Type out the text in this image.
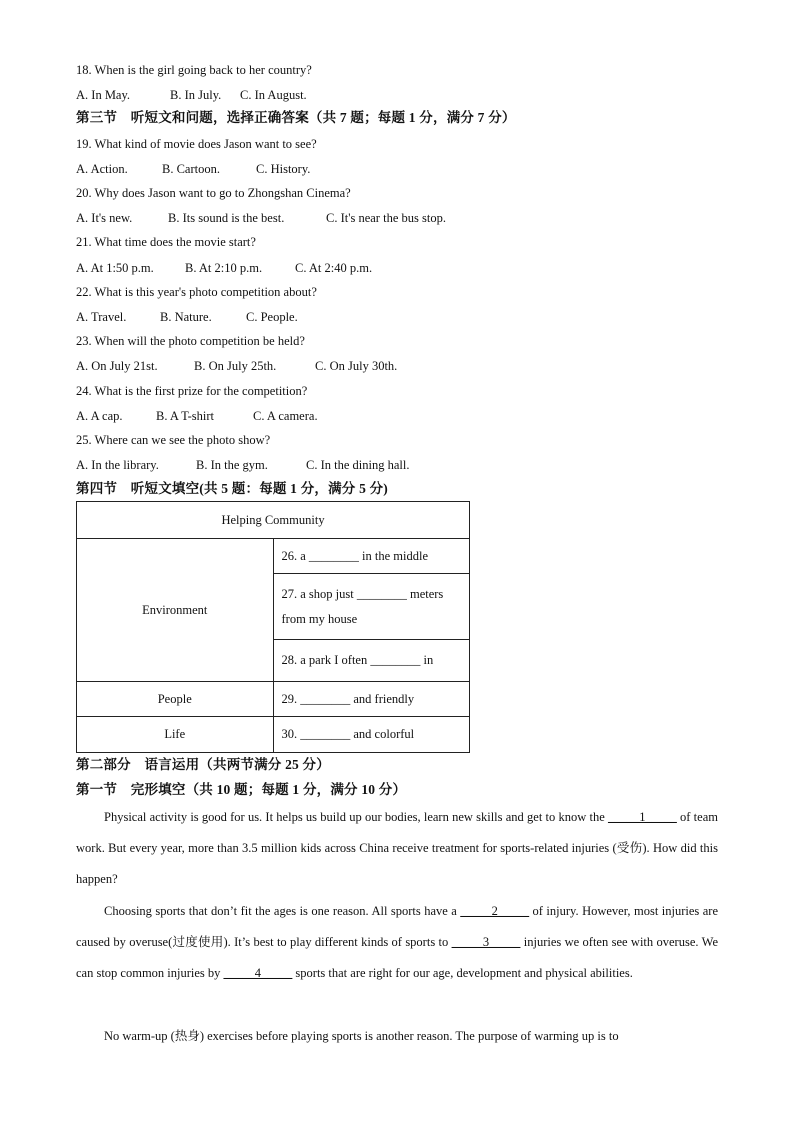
18. When is the girl going back to her country?
A. In May.	B. In July. C. In August.
第三节　听短文和问题，选择正确答案（共 7 题；每题 1 分，满分 7 分）
19. What kind of movie does Jason want to see?
A. Action.	B. Cartoon.	C. History.
20. Why does Jason want to go to Zhongshan Cinema?
A. It's new.	B. Its sound is the best.	C. It's near the bus stop.
21. What time does the movie start?
A. At 1:50 p.m. B. At 2:10 p.m.	C. At 2:40 p.m.
22. What is this year's photo competition about?
A. Travel.	B. Nature.	C. People.
23. When will the photo competition be held?
A. On July 21st.	B. On July 25th.	C. On July 30th.
24. What is the first prize for the competition?
A. A cap.	B. A T-shirt	C. A camera.
25. Where can we see the photo show?
A. In the library.	B. In the gym.	C. In the dining hall.
第四节　听短文填空(共 5 题：每题 1 分，满分 5 分)
Helping Community	
Environment	26. a ________ in the middle
	27. a shop just ________ meters from my house
	28. a park I often ________ in
People	29. ________ and friendly
Life	30. ________ and colorful
第二部分　语言运用（共两节满分 25 分）
第一节　完形填空（共 10 题；每题 1 分，满分 10 分）
Physical activity is good for us. It helps us build up our bodies, learn new skills and get to know the _____1_____ of team work. But every year, more than 3.5 million kids across China receive treatment for sports-related injuries (受伤). How did this happen?
Choosing sports that don’t fit the ages is one reason. All sports have a _____2_____ of injury. However, most injuries are caused by overuse(过度使用). It’s best to play different kinds of sports to _____3_____ injuries we often see with overuse. We can stop common injuries by _____4_____ sports that are right for our age, development and physical abilities.
No warm-up (热身) exercises before playing sports is another reason. The purpose of warming up is to
